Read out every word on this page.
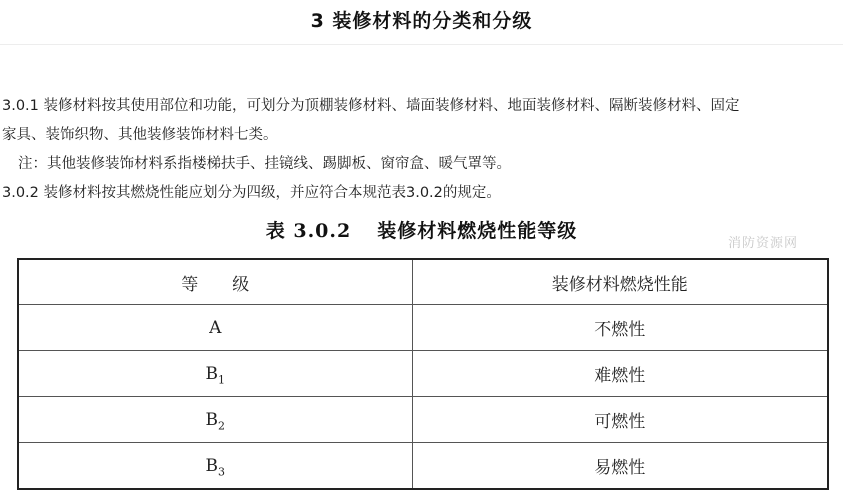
3 装修材料的分类和分级
3.0.1 装修材料按其使用部位和功能，可划分为顶棚装修材料、墙面装修材料、地面装修材料、隔断装修材料、固定
家具、装饰织物、其他装修装饰材料七类。
注：其他装修装饰材料系指楼梯扶手、挂镜线、踢脚板、窗帘盒、暖气罩等。
3.0.2 装修材料按其燃烧性能应划分为四级，并应符合本规范表3.0.2的规定。
表 3.0.2 装修材料燃烧性能等级
消防资源网
等　　级	装修材料燃烧性能
A	不燃性
$B_1$	难燃性
$B_2$	可燃性
$B_3$	易燃性
